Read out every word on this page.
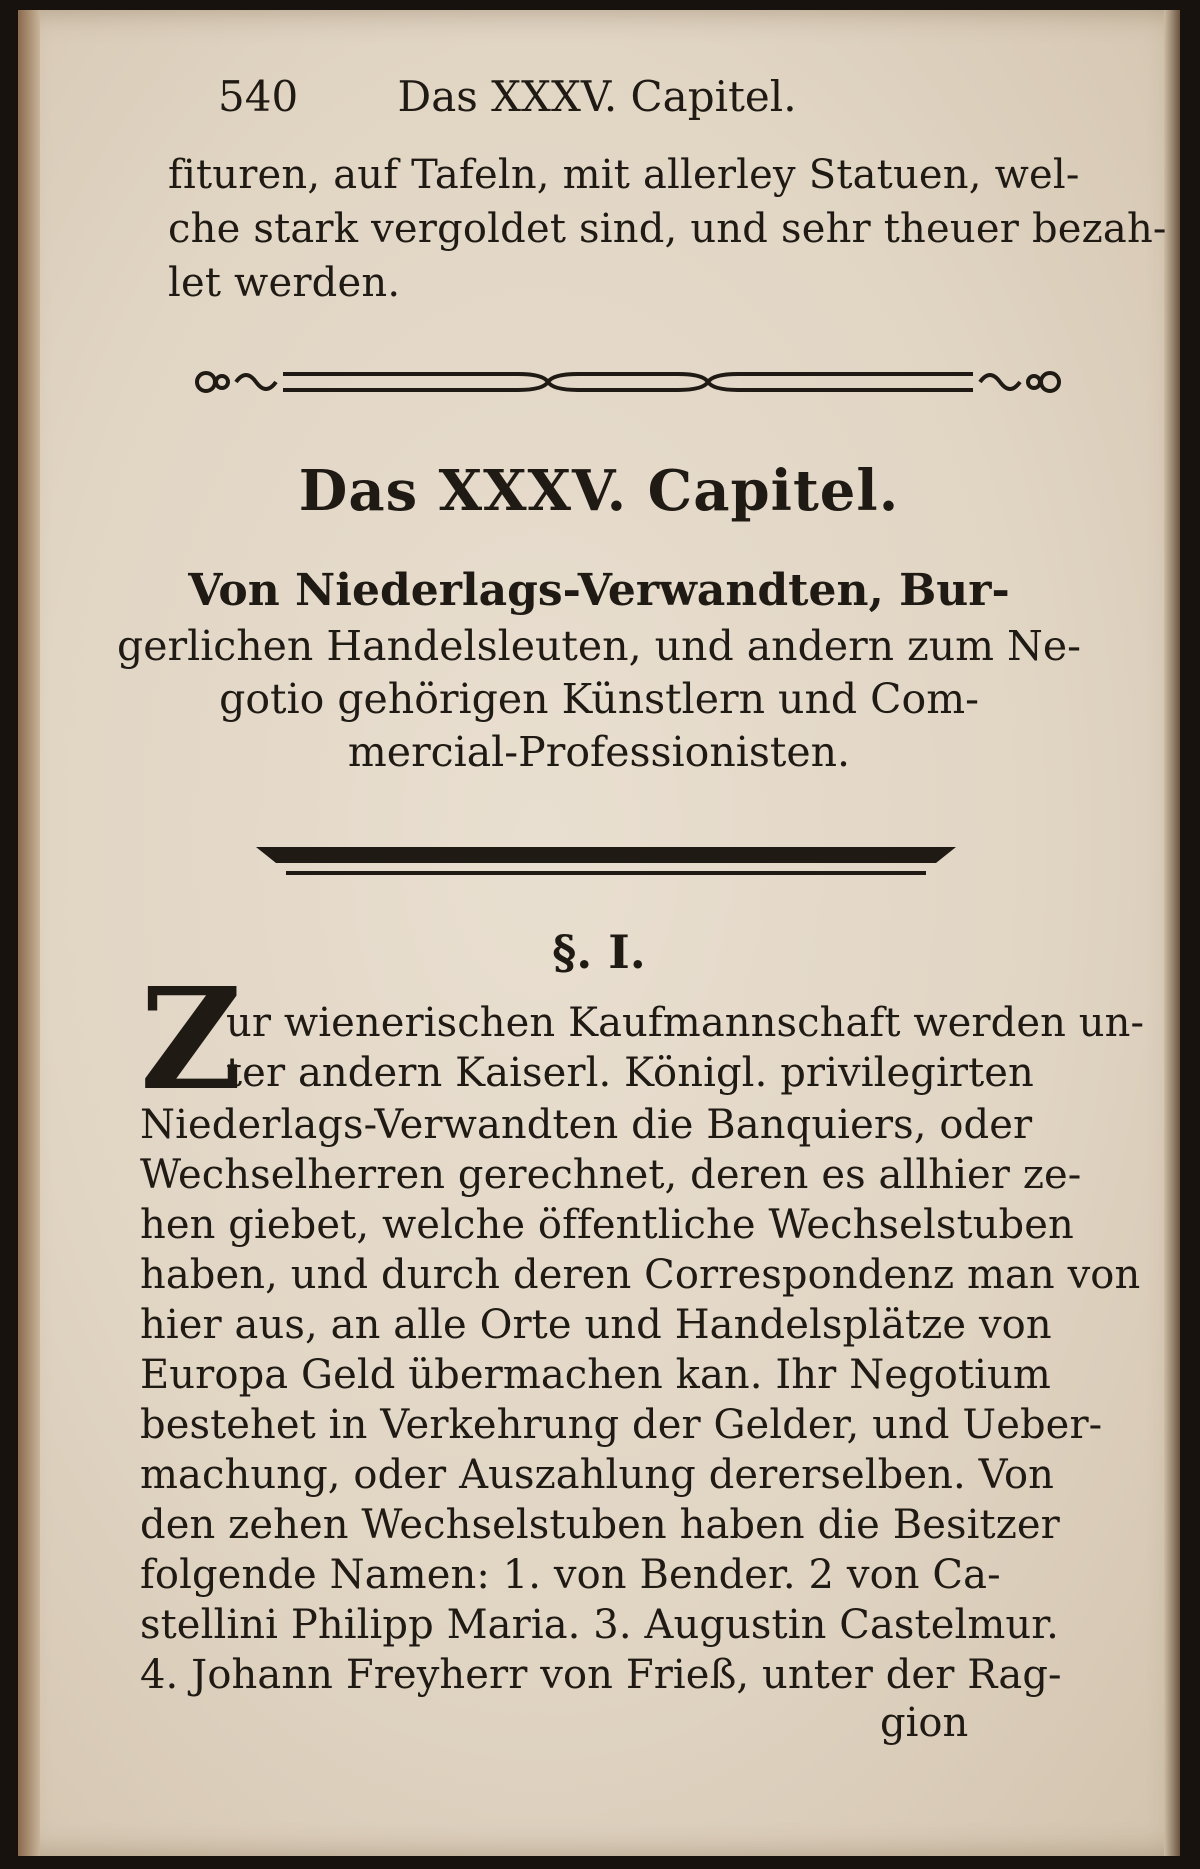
540 Das XXXV. Capitel.
fituren, auf Tafeln, mit allerley Statuen, wel-
che stark vergoldet sind, und sehr theuer bezah-
let werden.
Das XXXV. Capitel.
Von Niederlags-Verwandten, Bur-
gerlichen Handelsleuten, und andern zum Ne-
gotio gehörigen Künstlern und Com-
mercial-Professionisten.
§. I.
Z
ur wienerischen Kaufmannschaft werden un-
ter andern Kaiserl. Königl. privilegirten
Niederlags-Verwandten die Banquiers, oder
Wechselherren gerechnet, deren es allhier ze-
hen giebet, welche öffentliche Wechselstuben
haben, und durch deren Correspondenz man von
hier aus, an alle Orte und Handelsplätze von
Europa Geld übermachen kan. Ihr Negotium
bestehet in Verkehrung der Gelder, und Ueber-
machung, oder Auszahlung dererselben. Von
den zehen Wechselstuben haben die Besitzer
folgende Namen: 1. von Bender. 2 von Ca-
stellini Philipp Maria. 3. Augustin Castelmur.
4. Johann Freyherr von Frieß, unter der Rag-
gion
